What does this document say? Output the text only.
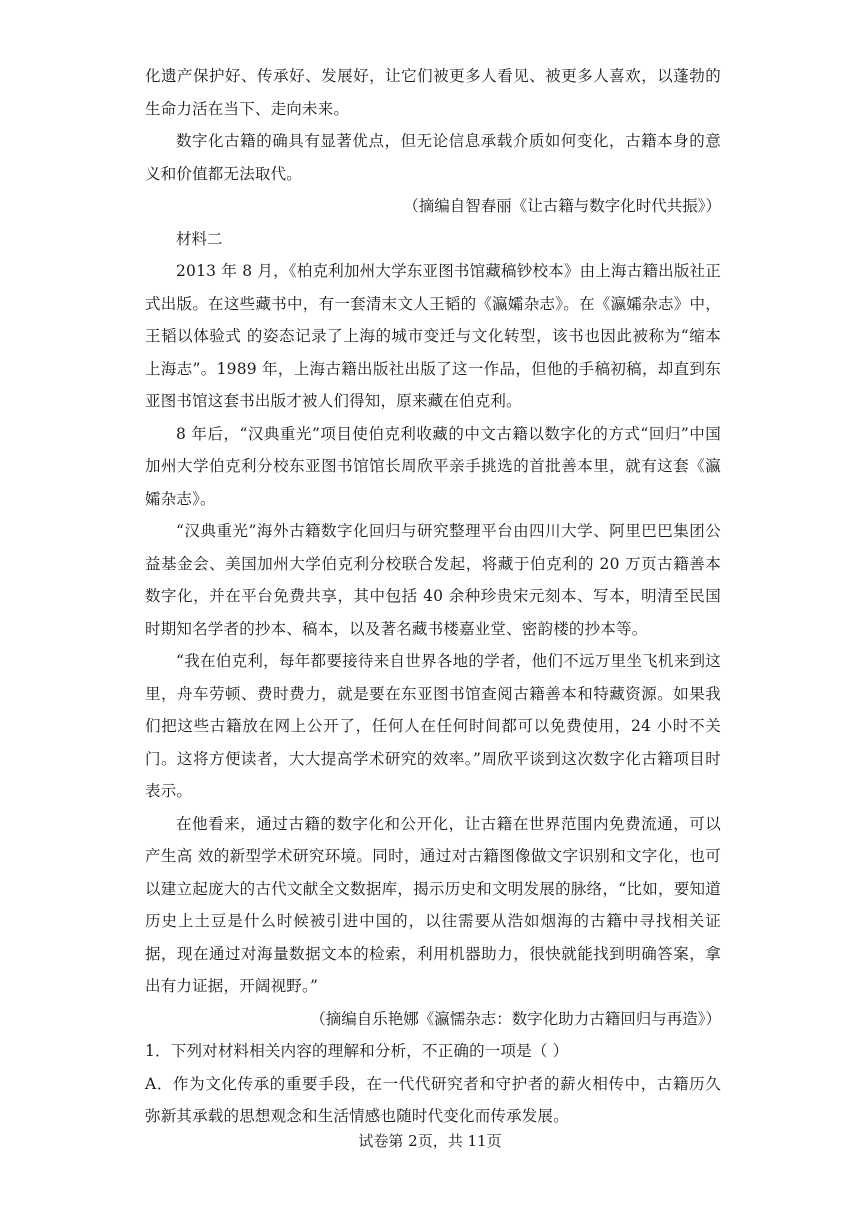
化遗产保护好、传承好、发展好，让它们被更多人看见、被更多人喜欢，以蓬勃的生命力活在当下、走向未来。

数字化古籍的确具有显著优点，但无论信息承载介质如何变化，古籍本身的意义和价值都无法取代。

（摘编自智春丽《让古籍与数字化时代共振》）

材料二

2013 年 8 月，《柏克利加州大学东亚图书馆藏稿钞校本》由上海古籍出版社正式出版。在这些藏书中，有一套清末文人王韬的《瀛孀杂志》。在《瀛孀杂志》中，王韬以体验式 的姿态记录了上海的城市变迁与文化转型，该书也因此被称为“缩本上海志”。1989 年，上海古籍出版社出版了这一作品，但他的手稿初稿，却直到东亚图书馆这套书出版才被人们得知，原来藏在伯克利。

8 年后，“汉典重光”项目使伯克利收藏的中文古籍以数字化的方式“回归”中国加州大学伯克利分校东亚图书馆馆长周欣平亲手挑选的首批善本里，就有这套《瀛孀杂志》。

“汉典重光”海外古籍数字化回归与研究整理平台由四川大学、阿里巴巴集团公益基金会、美国加州大学伯克利分校联合发起，将藏于伯克利的 20 万页古籍善本数字化，并在平台免费共享，其中包括 40 余种珍贵宋元刻本、写本，明清至民国时期知名学者的抄本、稿本，以及著名藏书楼嘉业堂、密韵楼的抄本等。

“我在伯克利，每年都要接待来自世界各地的学者，他们不远万里坐飞机来到这里，舟车劳顿、费时费力，就是要在东亚图书馆查阅古籍善本和特藏资源。如果我们把这些古籍放在网上公开了，任何人在任何时间都可以免费使用，24 小时不关门。这将方便读者，大大提高学术研究的效率。”周欣平谈到这次数字化古籍项目时表示。

在他看来，通过古籍的数字化和公开化，让古籍在世界范围内免费流通，可以产生高 效的新型学术研究环境。同时，通过对古籍图像做文字识别和文字化，也可以建立起庞大的古代文献全文数据库，揭示历史和文明发展的脉络，“比如，要知道历史上土豆是什么时候被引进中国的，以往需要从浩如烟海的古籍中寻找相关证据，现在通过对海量数据文本的检索，利用机器助力，很快就能找到明确答案，拿出有力证据，开阔视野。”

（摘编自乐艳娜《瀛懦杂志：数字化助力古籍回归与再造》）

1．下列对材料相关内容的理解和分析，不正确的一项是（ ）

A．作为文化传承的重要手段，在一代代研究者和守护者的薪火相传中，古籍历久弥新其承载的思想观念和生活情感也随时代变化而传承发展。

试卷第 2页，共 11页
